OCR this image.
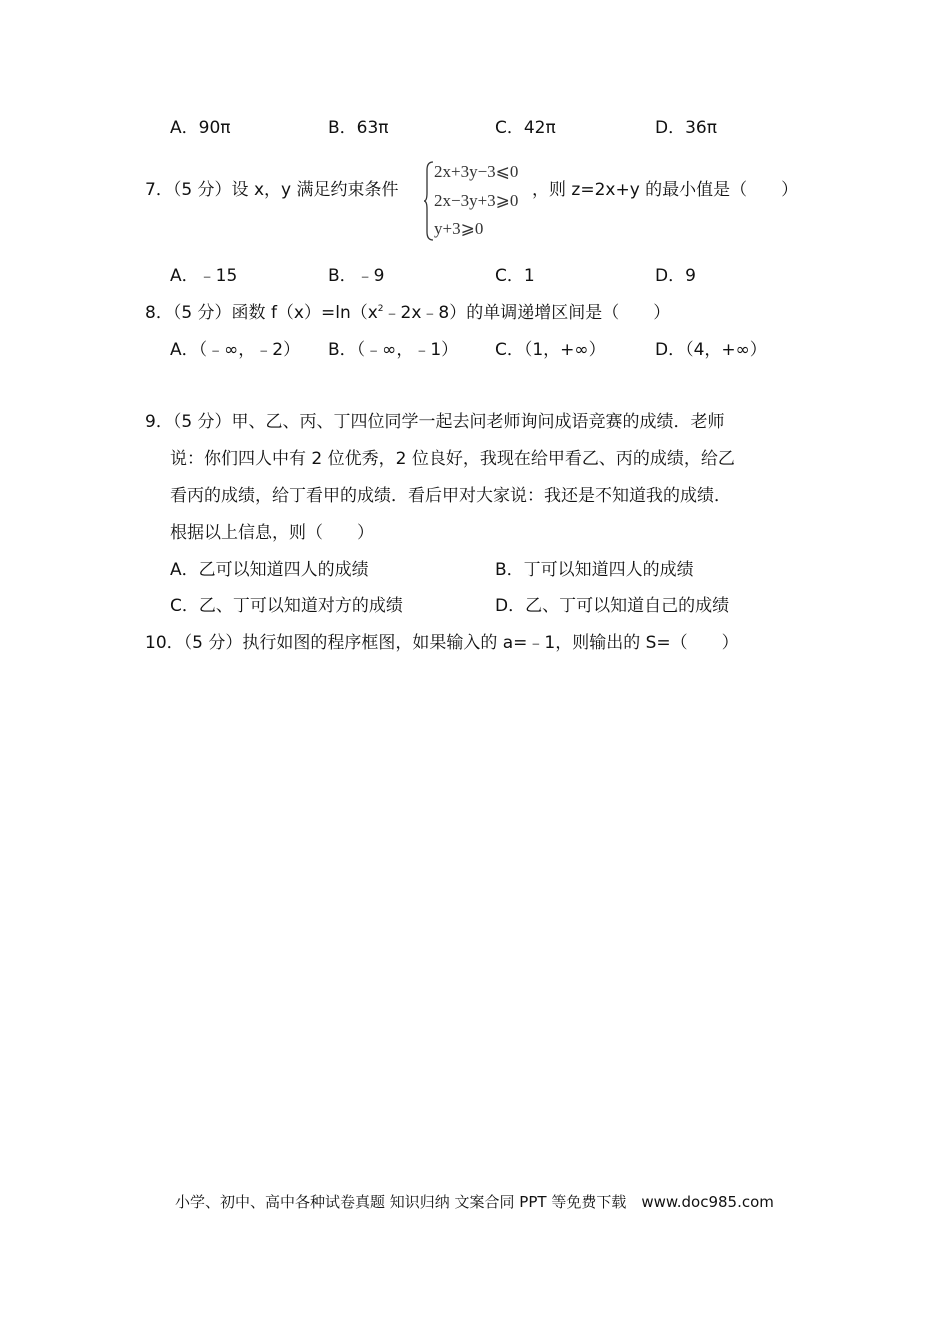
A．90π	B．63π	C．42π	D．36π
7．（5 分）设 x，y 满足约束条件
2x+3y−3⩽0
2x−3y+3⩾0
y+3⩾0
，则 z=2x+y 的最小值是（　　）
A．﹣15	B．﹣9	C．1	D．9
8．（5 分）函数 $f(x)=\ln(x^2﹣2x﹣8)$的单调递增区间是（　　）
A．（﹣∞，﹣2） B．（﹣∞，﹣1） C．（1，+∞）	D．（4，+∞）
9．（5 分）甲、乙、丙、丁四位同学一起去问老师询问成语竞赛的成绩．老师
说：你们四人中有 2 位优秀，2 位良好，我现在给甲看乙、丙的成绩，给乙
看丙的成绩，给丁看甲的成绩．看后甲对大家说：我还是不知道我的成绩．
根据以上信息，则（　　）
A．乙可以知道四人的成绩	B．丁可以知道四人的成绩
C．乙、丁可以知道对方的成绩	D．乙、丁可以知道自己的成绩
10．（5 分）执行如图的程序框图，如果输入的 a=﹣1，则输出的 S=（　　）
小学、初中、高中各种试卷真题 知识归纳 文案合同 PPT 等免费下载　www.doc985.com
